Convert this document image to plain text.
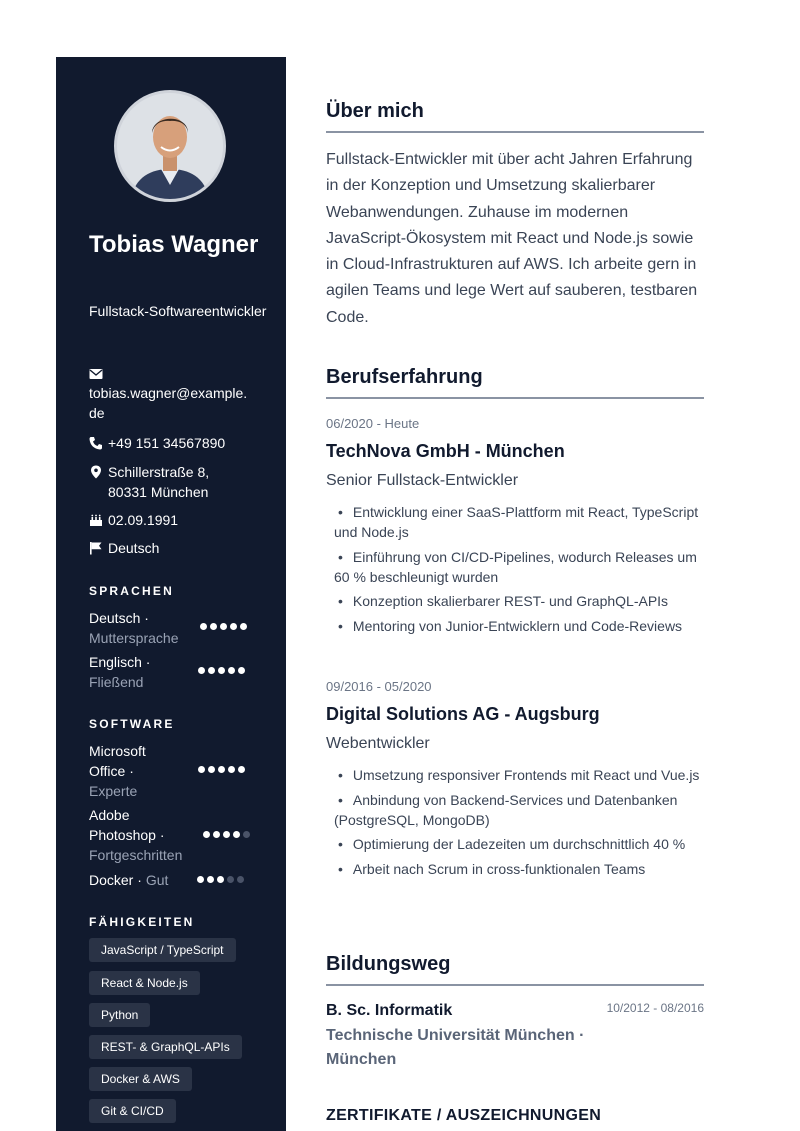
Tobias Wagner
Fullstack-Softwareentwickler
tobias.wagner@example.de
+49 151 34567890
Schillerstraße 8, 80331 München
02.09.1991
Deutsch
SPRACHEN
Deutsch · Muttersprache
Englisch · Fließend
SOFTWARE
Microsoft Office · Experte
Adobe Photoshop · Fortgeschritten
Docker · Gut
FÄHIGKEITEN
JavaScript / TypeScript
React & Node.js
Python
REST- & GraphQL-APIs
Docker & AWS
Git & CI/CD
Über mich
Fullstack-Entwickler mit über acht Jahren Erfahrung in der Konzeption und Umsetzung skalierbarer Webanwendungen. Zuhause im modernen JavaScript-Ökosystem mit React und Node.js sowie in Cloud-Infrastrukturen auf AWS. Ich arbeite gern in agilen Teams und lege Wert auf sauberen, testbaren Code.
Berufserfahrung
06/2020 - Heute
TechNova GmbH - München
Senior Fullstack-Entwickler
• Entwicklung einer SaaS-Plattform mit React, TypeScript und Node.js
• Einführung von CI/CD-Pipelines, wodurch Releases um 60 % beschleunigt wurden
• Konzeption skalierbarer REST- und GraphQL-APIs
• Mentoring von Junior-Entwicklern und Code-Reviews
09/2016 - 05/2020
Digital Solutions AG - Augsburg
Webentwickler
• Umsetzung responsiver Frontends mit React und Vue.js
• Anbindung von Backend-Services und Datenbanken (PostgreSQL, MongoDB)
• Optimierung der Ladezeiten um durchschnittlich 40 %
• Arbeit nach Scrum in cross-funktionalen Teams
Bildungsweg
B. Sc. Informatik	10/2012 - 08/2016
Technische Universität München · München
ZERTIFIKATE / AUSZEICHNUNGEN
